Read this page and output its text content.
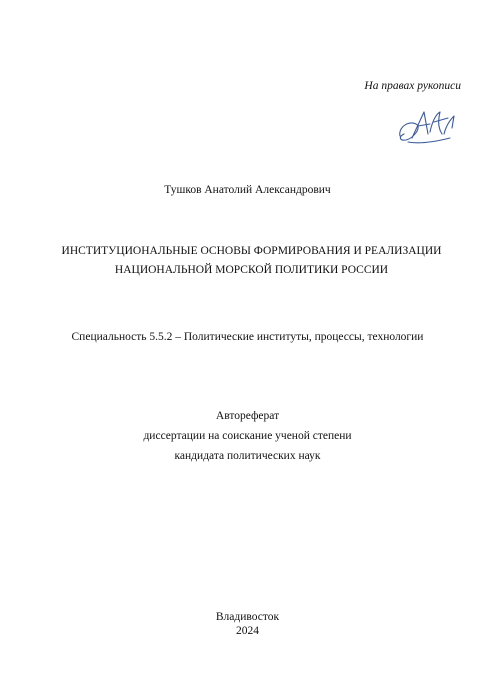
На правах рукописи
Тушков Анатолий Александрович
ИНСТИТУЦИОНАЛЬНЫЕ ОСНОВЫ ФОРМИРОВАНИЯ И РЕАЛИЗАЦИИ
НАЦИОНАЛЬНОЙ МОРСКОЙ ПОЛИТИКИ РОССИИ
Специальность 5.5.2 – Политические институты, процессы, технологии
Автореферат
диссертации на соискание ученой степени
кандидата политических наук
Владивосток
2024
